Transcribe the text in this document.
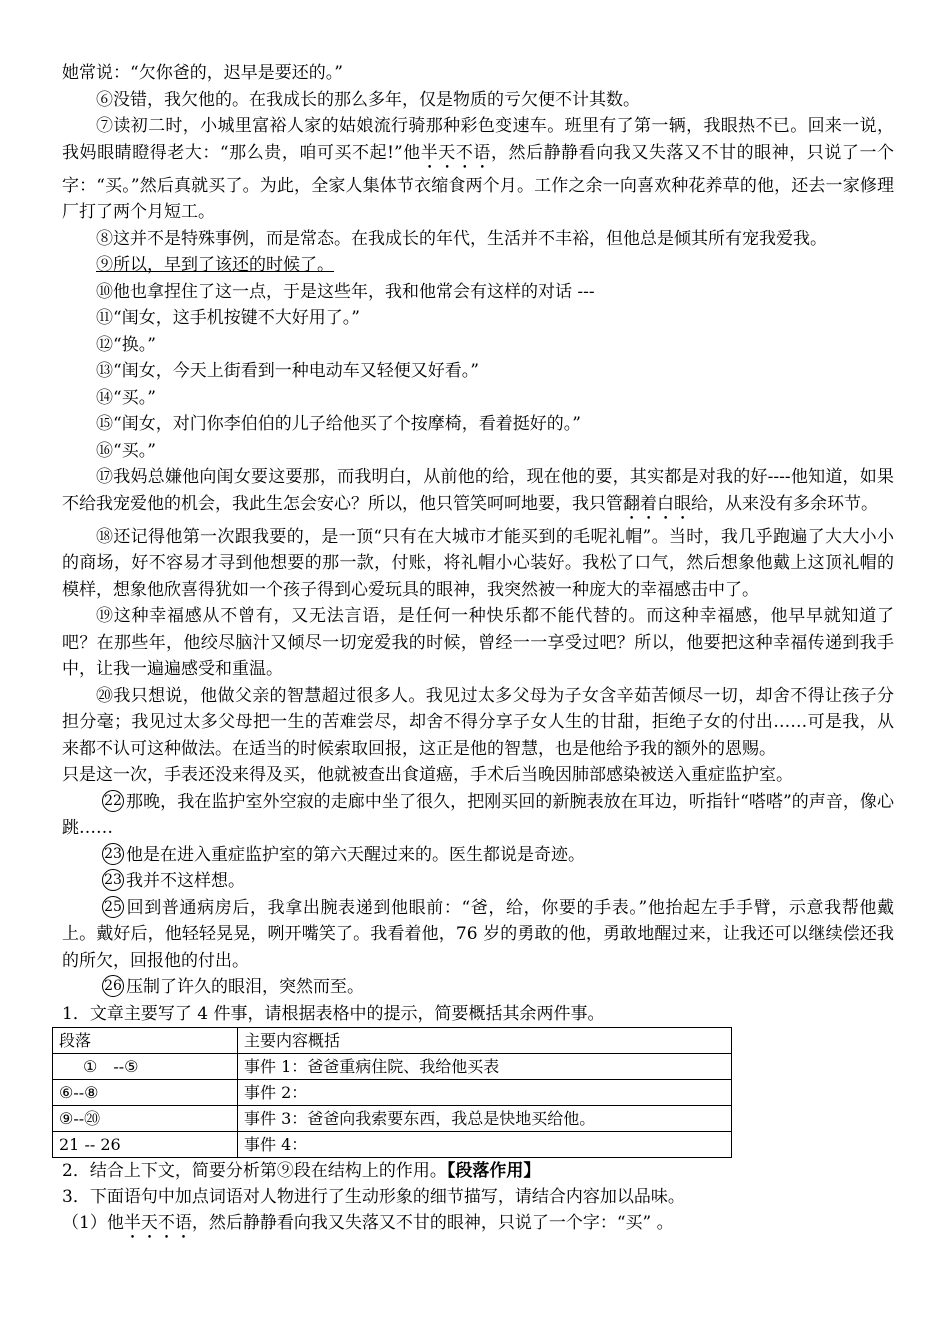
她常说：“欠你爸的，迟早是要还的。”

⑥没错，我欠他的。在我成长的那么多年，仅是物质的亏欠便不计其数。

⑦读初二时，小城里富裕人家的姑娘流行骑那种彩色变速车。班里有了第一辆，我眼热不已。回来一说，我妈眼睛瞪得老大：“那么贵，咱可买不起!”他半天不语，然后静静看向我又失落又不甘的眼神，只说了一个字：“买。”然后真就买了。为此，全家人集体节衣缩食两个月。工作之余一向喜欢种花养草的他，还去一家修理厂打了两个月短工。

⑧这并不是特殊事例，而是常态。在我成长的年代，生活并不丰裕，但他总是倾其所有宠我爱我。

⑨所以，早到了该还的时候了。

⑩他也拿捏住了这一点，于是这些年，我和他常会有这样的对话 ---

⑪“闺女，这手机按键不大好用了。”

⑫“换。”

⑬“闺女，今天上街看到一种电动车又轻便又好看。”

⑭“买。”

⑮“闺女，对门你李伯伯的儿子给他买了个按摩椅，看着挺好的。”

⑯“买。”

⑰我妈总嫌他向闺女要这要那，而我明白，从前他的给，现在他的要，其实都是对我的好----他知道，如果不给我宠爱他的机会，我此生怎会安心？所以，他只管笑呵呵地要，我只管翻着白眼给，从来没有多余环节。

⑱还记得他第一次跟我要的，是一顶“只有在大城市才能买到的毛呢礼帽”。当时，我几乎跑遍了大大小小的商场，好不容易才寻到他想要的那一款，付账，将礼帽小心装好。我松了口气，然后想象他戴上这顶礼帽的模样，想象他欣喜得犹如一个孩子得到心爱玩具的眼神，我突然被一种庞大的幸福感击中了。

⑲这种幸福感从不曾有，又无法言语，是任何一种快乐都不能代替的。而这种幸福感，他早早就知道了吧？在那些年，他绞尽脑汁又倾尽一切宠爱我的时候，曾经一一享受过吧？所以，他要把这种幸福传递到我手中，让我一遍遍感受和重温。

⑳我只想说，他做父亲的智慧超过很多人。我见过太多父母为子女含辛茹苦倾尽一切，却舍不得让孩子分担分毫；我见过太多父母把一生的苦难尝尽，却舍不得分享子女人生的甘甜，拒绝子女的付出……可是我，从来都不认可这种做法。在适当的时候索取回报，这正是他的智慧，也是他给予我的额外的恩赐。

只是这一次，手表还没来得及买，他就被查出食道癌，手术后当晚因肺部感染被送入重症监护室。

22 那晚，我在监护室外空寂的走廊中坐了很久，把刚买回的新腕表放在耳边，听指针“嗒嗒”的声音，像心跳……

23 他是在进入重症监护室的第六天醒过来的。医生都说是奇迹。

23 我并不这样想。

25 回到普通病房后，我拿出腕表递到他眼前：“爸，给，你要的手表。”他抬起左手手臂，示意我帮他戴上。戴好后，他轻轻晃晃，咧开嘴笑了。我看着他，76 岁的勇敢的他，勇敢地醒过来，让我还可以继续偿还我的所欠，回报他的付出。

26 压制了许久的眼泪，突然而至。

1．文章主要写了 4 件事，请根据表格中的提示，简要概括其余两件事。

段落	主要内容概括
①　--⑤	事件 1：爸爸重病住院、我给他买表
⑥--⑧	事件 2：
⑨--⑳	事件 3：爸爸向我索要东西，我总是快地买给他。
21 -- 26	事件 4：

2．结合上下文，简要分析第⑨段在结构上的作用。【段落作用】

3．下面语句中加点词语对人物进行了生动形象的细节描写，请结合内容加以品味。

（1）他半天不语，然后静静看向我又失落又不甘的眼神，只说了一个字：“买” 。
